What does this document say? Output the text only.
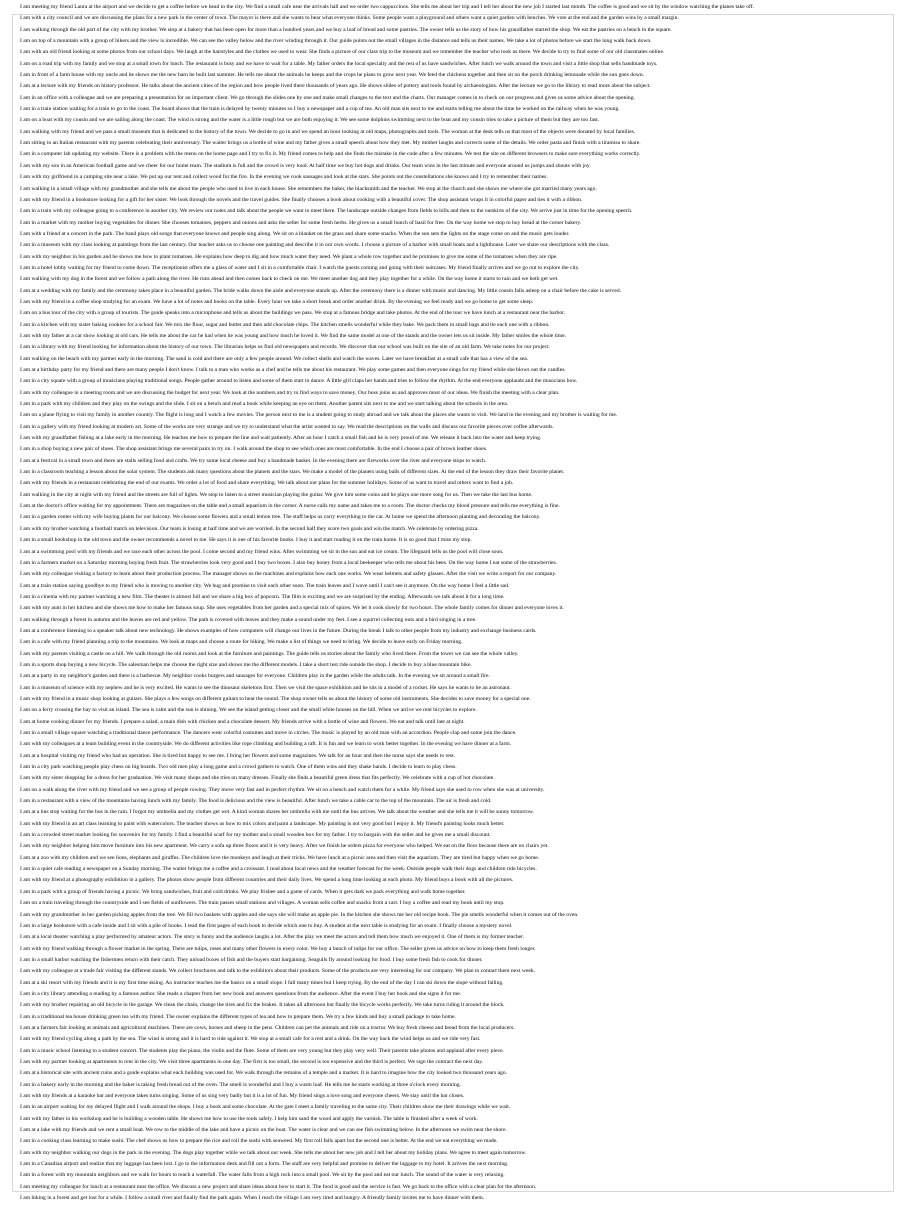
I am meeting my friend Laura at the airport and we decide to get a coffee before we head to the city. We find a small cafe near the arrivals hall and we order two cappuccinos. She tells me about her trip and I tell her about the new job I started last month. The coffee is good and we sit by the window watching the planes take off.

I am with a city council and we are discussing the plans for a new park in the center of town. The mayor is there and she wants to hear what everyone thinks. Some people want a playground and others want a quiet garden with benches. We vote at the end and the garden wins by a small margin.

I am walking through the old part of the city with my brother. We stop at a bakery that has been open for more than a hundred years and we buy a loaf of bread and some pastries. The owner tells us the story of how his grandfather started the shop. We eat the pastries on a bench in the square.

I am on top of a mountain with a group of hikers and the view is incredible. We can see the valley below and the river winding through it. Our guide points out the small villages in the distance and tells us their names. We take a lot of photos before we start the long walk back down.

I am with an old friend looking at some photos from our school days. We laugh at the hairstyles and the clothes we used to wear. She finds a picture of our class trip to the museum and we remember the teacher who took us there. We decide to try to find some of our old classmates online.

I am on a road trip with my family and we stop at a small town for lunch. The restaurant is busy and we have to wait for a table. My father orders the local specialty and the rest of us have sandwiches. After lunch we walk around the town and visit a little shop that sells handmade toys.

I am in front of a farm house with my uncle and he shows me the new barn he built last summer. He tells me about the animals he keeps and the crops he plans to grow next year. We feed the chickens together and then sit on the porch drinking lemonade while the sun goes down.

I am at a lecture with my friends on history professor. He talks about the ancient cities of the region and how people lived there thousands of years ago. He shows slides of pottery and tools found by archaeologists. After the lecture we go to the library to read more about the subject.

I am in an office with a colleague and we are preparing a presentation for an important client. We go through the slides one by one and make small changes to the text and the charts. Our manager comes in to check on our progress and gives us some advice about the opening.

I am in a train station waiting for a train to go to the coast. The board shows that the train is delayed by twenty minutes so I buy a newspaper and a cup of tea. An old man sits next to me and starts telling me about the time he worked on the railway when he was young.

I am on a boat with my cousin and we are sailing along the coast. The wind is strong and the water is a little rough but we are both enjoying it. We see some dolphins swimming next to the boat and my cousin tries to take a picture of them but they are too fast.

I am walking with my friend and we pass a small museum that is dedicated to the history of the town. We decide to go in and we spend an hour looking at old maps, photographs and tools. The woman at the desk tells us that most of the objects were donated by local families.

I am sitting in an Italian restaurant with my parents celebrating their anniversary. The waiter brings us a bottle of wine and my father gives a small speech about how they met. My mother laughs and corrects some of the details. We order pasta and finish with a tiramisu to share.

I am in a computer lab updating my website. There is a problem with the menu on the home page and I try to fix it. My friend comes to help and she finds the mistake in the code after a few minutes. We test the site on different browsers to make sure everything works correctly.

I am with my son in an American football game and we cheer for our home team. The stadium is full and the crowd is very loud. At half time we buy hot dogs and drinks. Our team wins in the last minute and everyone around us jumps and shouts with joy.

I am with my girlfriend in a camping site near a lake. We put up our tent and collect wood for the fire. In the evening we cook sausages and look at the stars. She points out the constellations she knows and I try to remember their names.

I am walking in a small village with my grandmother and she tells me about the people who used to live in each house. She remembers the baker, the blacksmith and the teacher. We stop at the church and she shows me where she got married many years ago.

I am with my friend in a bookstore looking for a gift for her sister. We look through the novels and the travel guides. She finally chooses a book about cooking with a beautiful cover. The shop assistant wraps it in colorful paper and ties it with a ribbon.

I am in a train with my colleague going to a conference in another city. We review our notes and talk about the people we want to meet there. The landscape outside changes from fields to hills and then to the outskirts of the city. We arrive just in time for the opening speech.

I am in a market with my mother buying vegetables for dinner. She chooses tomatoes, peppers and onions and asks the seller for some fresh herbs. He gives us a small bunch of basil for free. On the way home we stop to buy bread at the corner bakery.

I am with a friend at a concert in the park. The band plays old songs that everyone knows and people sing along. We sit on a blanket on the grass and share some snacks. When the sun sets the lights on the stage come on and the music gets louder.

I am in a museum with my class looking at paintings from the last century. Our teacher asks us to choose one painting and describe it in our own words. I choose a picture of a harbor with small boats and a lighthouse. Later we share our descriptions with the class.

I am with my neighbor in his garden and he shows me how to plant tomatoes. He explains how deep to dig and how much water they need. We plant a whole row together and he promises to give me some of the tomatoes when they are ripe.

I am in a hotel lobby waiting for my friend to come down. The receptionist offers me a glass of water and I sit in a comfortable chair. I watch the guests coming and going with their suitcases. My friend finally arrives and we go out to explore the city.

I am walking with my dog in the forest and we follow a path along the river. He runs ahead and then comes back to check on me. We meet another dog and they play together for a while. On the way home it starts to rain and we both get wet.

I am at a wedding with my family and the ceremony takes place in a beautiful garden. The bride walks down the aisle and everyone stands up. After the ceremony there is a dinner with music and dancing. My little cousin falls asleep on a chair before the cake is served.

I am with my friend in a coffee shop studying for an exam. We have a lot of notes and books on the table. Every hour we take a short break and order another drink. By the evening we feel ready and we go home to get some sleep.

I am on a bus tour of the city with a group of tourists. The guide speaks into a microphone and tells us about the buildings we pass. We stop at a famous bridge and take photos. At the end of the tour we have lunch at a restaurant near the harbor.

I am in a kitchen with my sister baking cookies for a school fair. We mix the flour, sugar and butter and then add chocolate chips. The kitchen smells wonderful while they bake. We pack them in small bags and tie each one with a ribbon.

I am with my father at a car show looking at old cars. He tells me about the car he had when he was young and how much he loved it. We find the same model at one of the stands and the owner lets us sit inside. My father smiles the whole time.

I am in a library with my friend looking for information about the history of our town. The librarian helps us find old newspapers and records. We discover that our school was built on the site of an old farm. We take notes for our project.

I am walking on the beach with my partner early in the morning. The sand is cold and there are only a few people around. We collect shells and watch the waves. Later we have breakfast at a small cafe that has a view of the sea.

I am at a birthday party for my friend and there are many people I don't know. I talk to a man who works as a chef and he tells me about his restaurant. We play some games and then everyone sings for my friend while she blows out the candles.

I am in a city square with a group of musicians playing traditional songs. People gather around to listen and some of them start to dance. A little girl claps her hands and tries to follow the rhythm. At the end everyone applauds and the musicians bow.

I am with my colleague in a meeting room and we are discussing the budget for next year. We look at the numbers and try to find ways to save money. Our boss joins us and approves most of our ideas. We finish the meeting with a clear plan.

I am in a park with my children and they play on the swings and the slide. I sit on a bench and read a book while keeping an eye on them. Another parent sits next to me and we start talking about the schools in the area.

I am on a plane flying to visit my family in another country. The flight is long and I watch a few movies. The person next to me is a student going to study abroad and we talk about the places she wants to visit. We land in the evening and my brother is waiting for me.

I am in a gallery with my friend looking at modern art. Some of the works are very strange and we try to understand what the artist wanted to say. We read the descriptions on the walls and discuss our favorite pieces over coffee afterwards.

I am with my grandfather fishing at a lake early in the morning. He teaches me how to prepare the line and wait patiently. After an hour I catch a small fish and he is very proud of me. We release it back into the water and keep trying.

I am in a shop buying a new pair of shoes. The shop assistant brings me several pairs to try on. I walk around the shop to see which ones are most comfortable. In the end I choose a pair of brown leather shoes.

I am at a festival in a small town and there are stalls selling food and crafts. We try some local cheese and buy a handmade basket. In the evening there are fireworks over the river and everyone stops to watch.

I am in a classroom teaching a lesson about the solar system. The students ask many questions about the planets and the stars. We make a model of the planets using balls of different sizes. At the end of the lesson they draw their favorite planet.

I am with my friends in a restaurant celebrating the end of our exams. We order a lot of food and share everything. We talk about our plans for the summer holidays. Some of us want to travel and others want to find a job.

I am walking in the city at night with my friend and the streets are full of lights. We stop to listen to a street musician playing the guitar. We give him some coins and he plays one more song for us. Then we take the last bus home.

I am at the doctor's office waiting for my appointment. There are magazines on the table and a small aquarium in the corner. A nurse calls my name and takes me to a room. The doctor checks my blood pressure and tells me everything is fine.

I am in a garden center with my wife buying plants for our balcony. We choose some flowers and a small lemon tree. The staff helps us carry everything to the car. At home we spend the afternoon planting and decorating the balcony.

I am with my brother watching a football match on television. Our team is losing at half time and we are worried. In the second half they score two goals and win the match. We celebrate by ordering pizza.

I am in a small bookshop in the old town and the owner recommends a novel to me. He says it is one of his favorite books. I buy it and start reading it on the train home. It is so good that I miss my stop.

I am at a swimming pool with my friends and we race each other across the pool. I come second and my friend wins. After swimming we sit in the sun and eat ice cream. The lifeguard tells us the pool will close soon.

I am in a farmers market on a Saturday morning buying fresh fruit. The strawberries look very good and I buy two boxes. I also buy honey from a local beekeeper who tells me about his bees. On the way home I eat some of the strawberries.

I am with my colleague visiting a factory to learn about their production process. The manager shows us the machines and explains how each one works. We wear helmets and safety glasses. After the visit we write a report for our company.

I am at a train station saying goodbye to my friend who is moving to another city. We hug and promise to visit each other soon. The train leaves and I wave until I can't see it anymore. On the way home I feel a little sad.

I am in a cinema with my partner watching a new film. The theater is almost full and we share a big box of popcorn. The film is exciting and we are surprised by the ending. Afterwards we talk about it for a long time.

I am with my aunt in her kitchen and she shows me how to make her famous soup. She uses vegetables from her garden and a special mix of spices. We let it cook slowly for two hours. The whole family comes for dinner and everyone loves it.

I am walking through a forest in autumn and the leaves are red and yellow. The path is covered with leaves and they make a sound under my feet. I see a squirrel collecting nuts and a bird singing in a tree.

I am at a conference listening to a speaker talk about new technology. He shows examples of how computers will change our lives in the future. During the break I talk to other people from my industry and exchange business cards.

I am in a cafe with my friend planning a trip to the mountains. We look at maps and choose a route for hiking. We make a list of things we need to bring. We decide to leave early on Friday morning.

I am with my parents visiting a castle on a hill. We walk through the old rooms and look at the furniture and paintings. The guide tells us stories about the family who lived there. From the tower we can see the whole valley.

I am in a sports shop buying a new bicycle. The salesman helps me choose the right size and shows me the different models. I take a short test ride outside the shop. I decide to buy a blue mountain bike.

I am at a party in my neighbor's garden and there is a barbecue. My neighbor cooks burgers and sausages for everyone. Children play in the garden while the adults talk. In the evening we sit around a small fire.

I am in a museum of science with my nephew and he is very excited. He wants to see the dinosaur skeletons first. Then we visit the space exhibition and he sits in a model of a rocket. He says he wants to be an astronaut.

I am with my friend in a music shop looking at guitars. She plays a few songs on different guitars to hear the sound. The shop owner tells us about the history of some old instruments. She decides to save money for a special one.

I am on a ferry crossing the bay to visit an island. The sea is calm and the sun is shining. We see the island getting closer and the small white houses on the hill. When we arrive we rent bicycles to explore.

I am at home cooking dinner for my friends. I prepare a salad, a main dish with chicken and a chocolate dessert. My friends arrive with a bottle of wine and flowers. We eat and talk until late at night.

I am in a small village square watching a traditional dance performance. The dancers wear colorful costumes and move in circles. The music is played by an old man with an accordion. People clap and some join the dance.

I am with my colleagues at a team building event in the countryside. We do different activities like rope climbing and building a raft. It is fun and we learn to work better together. In the evening we have dinner at a farm.

I am at a hospital visiting my friend who had an operation. She is tired but happy to see me. I bring her flowers and some magazines. We talk for an hour and then the nurse says she needs to rest.

I am in a city park watching people play chess on big boards. Two old men play a long game and a crowd gathers to watch. One of them wins and they shake hands. I decide to learn to play chess.

I am with my sister shopping for a dress for her graduation. We visit many shops and she tries on many dresses. Finally she finds a beautiful green dress that fits perfectly. We celebrate with a cup of hot chocolate.

I am on a walk along the river with my friend and we see a group of people rowing. They move very fast and in perfect rhythm. We sit on a bench and watch them for a while. My friend says she used to row when she was at university.

I am in a restaurant with a view of the mountains having lunch with my family. The food is delicious and the view is beautiful. After lunch we take a cable car to the top of the mountain. The air is fresh and cold.

I am at a bus stop waiting for the bus in the rain. I forgot my umbrella and my clothes get wet. A kind woman shares her umbrella with me until the bus arrives. We talk about the weather and she tells me it will be sunny tomorrow.

I am with my friend in an art class learning to paint with watercolors. The teacher shows us how to mix colors and paint a landscape. My painting is not very good but I enjoy it. My friend's painting looks much better.

I am in a crowded street market looking for souvenirs for my family. I find a beautiful scarf for my mother and a small wooden box for my father. I try to bargain with the seller and he gives me a small discount.

I am with my neighbor helping him move furniture into his new apartment. We carry a sofa up three floors and it is very heavy. After we finish he orders pizza for everyone who helped. We eat on the floor because there are no chairs yet.

I am at a zoo with my children and we see lions, elephants and giraffes. The children love the monkeys and laugh at their tricks. We have lunch at a picnic area and then visit the aquarium. They are tired but happy when we go home.

I am in a quiet cafe reading a newspaper on a Sunday morning. The waiter brings me a coffee and a croissant. I read about local news and the weather forecast for the week. Outside people walk their dogs and children ride bicycles.

I am with my friend at a photography exhibition in a gallery. The photos show people from different countries and their daily lives. We spend a long time looking at each photo. My friend buys a book with all the pictures.

I am in a park with a group of friends having a picnic. We bring sandwiches, fruit and cold drinks. We play frisbee and a game of cards. When it gets dark we pack everything and walk home together.

I am on a train traveling through the countryside and I see fields of sunflowers. The train passes small stations and villages. A woman sells coffee and snacks from a cart. I buy a coffee and read my book until my stop.

I am with my grandmother in her garden picking apples from the tree. We fill two baskets with apples and she says she will make an apple pie. In the kitchen she shows me her old recipe book. The pie smells wonderful when it comes out of the oven.

I am in a large bookstore with a cafe inside and I sit with a pile of books. I read the first pages of each book to decide which one to buy. A student at the next table is studying for an exam. I finally choose a mystery novel.

I am at a local theater watching a play performed by amateur actors. The story is funny and the audience laughs a lot. After the play we meet the actors and tell them how much we enjoyed it. One of them is my former teacher.

I am with my friend walking through a flower market in the spring. There are tulips, roses and many other flowers in every color. We buy a bunch of tulips for our office. The seller gives us advice on how to keep them fresh longer.

I am in a small harbor watching the fishermen return with their catch. They unload boxes of fish and the buyers start bargaining. Seagulls fly around looking for food. I buy some fresh fish to cook for dinner.

I am with my colleague at a trade fair visiting the different stands. We collect brochures and talk to the exhibitors about their products. Some of the products are very interesting for our company. We plan to contact them next week.

I am at a ski resort with my friends and it is my first time skiing. An instructor teaches me the basics on a small slope. I fall many times but I keep trying. By the end of the day I can ski down the slope without falling.

I am in a city library attending a reading by a famous author. She reads a chapter from her new book and answers questions from the audience. After the event I buy her book and she signs it for me.

I am with my brother repairing an old bicycle in the garage. We clean the chain, change the tires and fix the brakes. It takes all afternoon but finally the bicycle works perfectly. We take turns riding it around the block.

I am in a traditional tea house drinking green tea with my friend. The owner explains the different types of tea and how to prepare them. We try a few kinds and buy a small package to take home.

I am at a farmers fair looking at animals and agricultural machines. There are cows, horses and sheep in the pens. Children can pet the animals and ride on a tractor. We buy fresh cheese and bread from the local producers.

I am with my friend cycling along a path by the sea. The wind is strong and it is hard to ride against it. We stop at a small cafe for a rest and a drink. On the way back the wind helps us and we ride very fast.

I am in a music school listening to a student concert. The students play the piano, the violin and the flute. Some of them are very young but they play very well. Their parents take photos and applaud after every piece.

I am with my partner looking at apartments to rent in the city. We visit three apartments in one day. The first is too small, the second is too expensive and the third is perfect. We sign the contract the next day.

I am at a historical site with ancient ruins and a guide explains what each building was used for. We walk through the remains of a temple and a market. It is hard to imagine how the city looked two thousand years ago.

I am in a bakery early in the morning and the baker is taking fresh bread out of the oven. The smell is wonderful and I buy a warm loaf. He tells me he starts working at three o'clock every morning.

I am with my friends at a karaoke bar and everyone takes turns singing. Some of us sing very badly but it is a lot of fun. My friend sings a love song and everyone cheers. We stay until the bar closes.

I am in an airport waiting for my delayed flight and I walk around the shops. I buy a book and some chocolate. At the gate I meet a family traveling to the same city. Their children show me their drawings while we wait.

I am with my father in his workshop and he is building a wooden table. He shows me how to use the tools safely. I help him sand the wood and apply the varnish. The table is finished after a week of work.

I am at a lake with my friends and we rent a small boat. We row to the middle of the lake and have a picnic on the boat. The water is clear and we can see fish swimming below. In the afternoon we swim near the shore.

I am in a cooking class learning to make sushi. The chef shows us how to prepare the rice and roll the sushi with seaweed. My first roll falls apart but the second one is better. At the end we eat everything we made.

I am with my neighbor walking our dogs in the park in the evening. The dogs play together while we talk about our week. She tells me about her new job and I tell her about my holiday plans. We agree to meet again tomorrow.

I am in a Canadian airport and realize that my luggage has been lost. I go to the information desk and fill out a form. The staff are very helpful and promise to deliver the luggage to my hotel. It arrives the next morning.

I am in a forest with my mountain neighbors and we walk for hours to reach a waterfall. The water falls from a high rock into a small pool. We sit by the pool and eat our lunch. The sound of the water is very relaxing.

I am meeting my colleague for lunch at a restaurant near the office. We discuss a new project and share ideas about how to start it. The food is good and the service is fast. We go back to the office with a clear plan for the afternoon.

I am hiking in a forest and get lost for a while. I follow a small river and finally find the path again. When I reach the village I am very tired and hungry. A friendly family invites me to have dinner with them.
